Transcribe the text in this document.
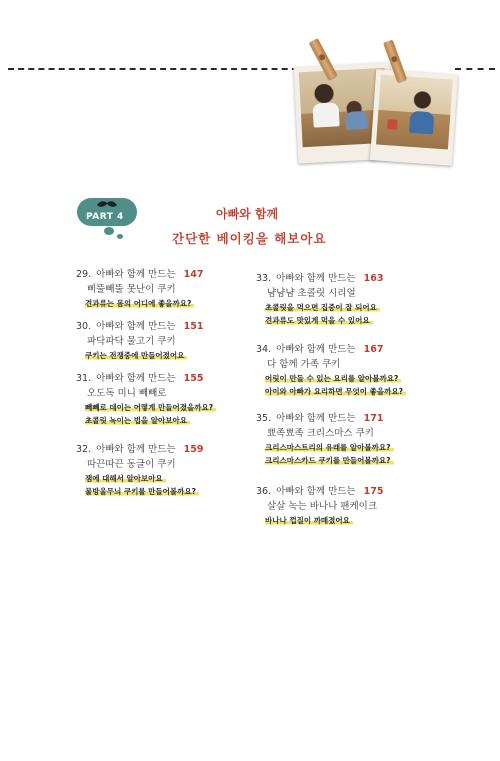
PART 4	아빠와 함께
간단한 베이킹을 해보아요
29. 아빠와 함께 만드는 147
삐뚤빼뚤 못난이 쿠키
견과류는 몸의 어디에 좋을까요?
30. 아빠와 함께 만드는 151
파닥파닥 물고기 쿠키
쿠키는 전쟁중에 만들어졌어요
31. 아빠와 함께 만드는 155
오도독 미니 빼빼로
빼빼로 데이는 어떻게 만들어졌을까요?
초콜릿 녹이는 법을 알아보아요
32. 아빠와 함께 만드는 159
따끈따끈 동글이 쿠키
잼에 대해서 알아보아요
물방울무늬 쿠키를 만들어볼까요?
33. 아빠와 함께 만드는 163
냠냠냠 초콜릿 시리얼
초콜릿을 먹으면 집중이 잘 되어요
견과류도 맛있게 먹을 수 있어요
34. 아빠와 함께 만드는 167
다 함께 가족 쿠키
어릿이 만들 수 있는 요리를 알아볼까요?
아이와 아빠가 요리하면 무엇이 좋을까요?
35. 아빠와 함께 만드는 171
뾰족뾰족 크리스마스 쿠키
크리스마스트리의 유래를 알아볼까요?
크리스마스카드 쿠키를 만들어볼까요?
36. 아빠와 함께 만드는 175
살살 녹는 바나나 팬케이크
바나나 껍질이 까매졌어요
